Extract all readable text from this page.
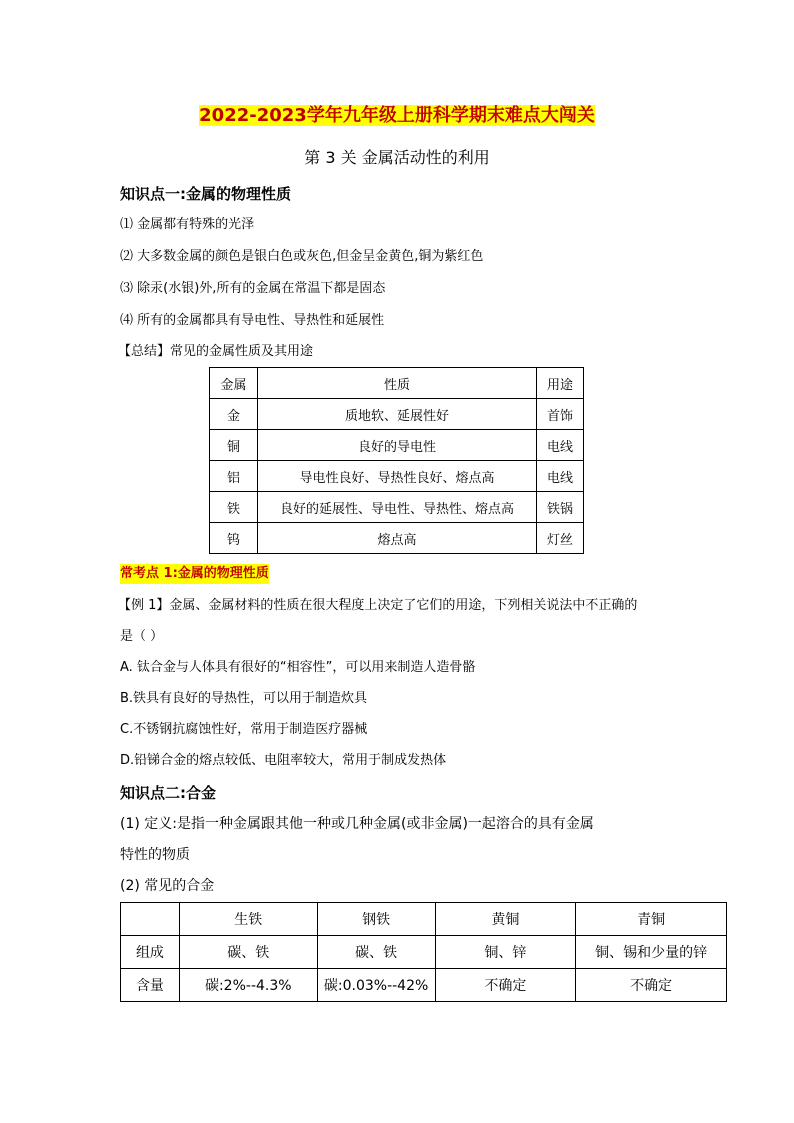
2022-2023学年九年级上册科学期末难点大闯关
第 3 关 金属活动性的利用
知识点一:金属的物理性质
⑴ 金属都有特殊的光泽
⑵ 大多数金属的颜色是银白色或灰色,但金呈金黄色,铜为紫红色
⑶ 除汞(水银)外,所有的金属在常温下都是固态
⑷ 所有的金属都具有导电性、导热性和延展性
【总结】常见的金属性质及其用途
金属	性质	用途
金	质地软、延展性好	首饰
铜	良好的导电性	电线
铝	导电性良好、导热性良好、熔点高	电线
铁	良好的延展性、导电性、导热性、熔点高	铁锅
钨	熔点高	灯丝
常考点 1:金属的物理性质
【例 1】金属、金属材料的性质在很大程度上决定了它们的用途，下列相关说法中不正确的
是（ ）
A. 钛合金与人体具有很好的“相容性”，可以用来制造人造骨骼
B.铁具有良好的导热性，可以用于制造炊具
C.不锈钢抗腐蚀性好，常用于制造医疗器械
D.铅锑合金的熔点较低、电阻率较大，常用于制成发热体
知识点二:合金
(1) 定义:是指一种金属跟其他一种或几种金属(或非金属)一起溶合的具有金属
特性的物质
(2) 常见的合金
	生铁	钢铁	黄铜	青铜
组成	碳、铁	碳、铁	铜、锌	铜、锡和少量的锌
含量	碳:2%--4.3%	碳:0.03%--42%	不确定	不确定
